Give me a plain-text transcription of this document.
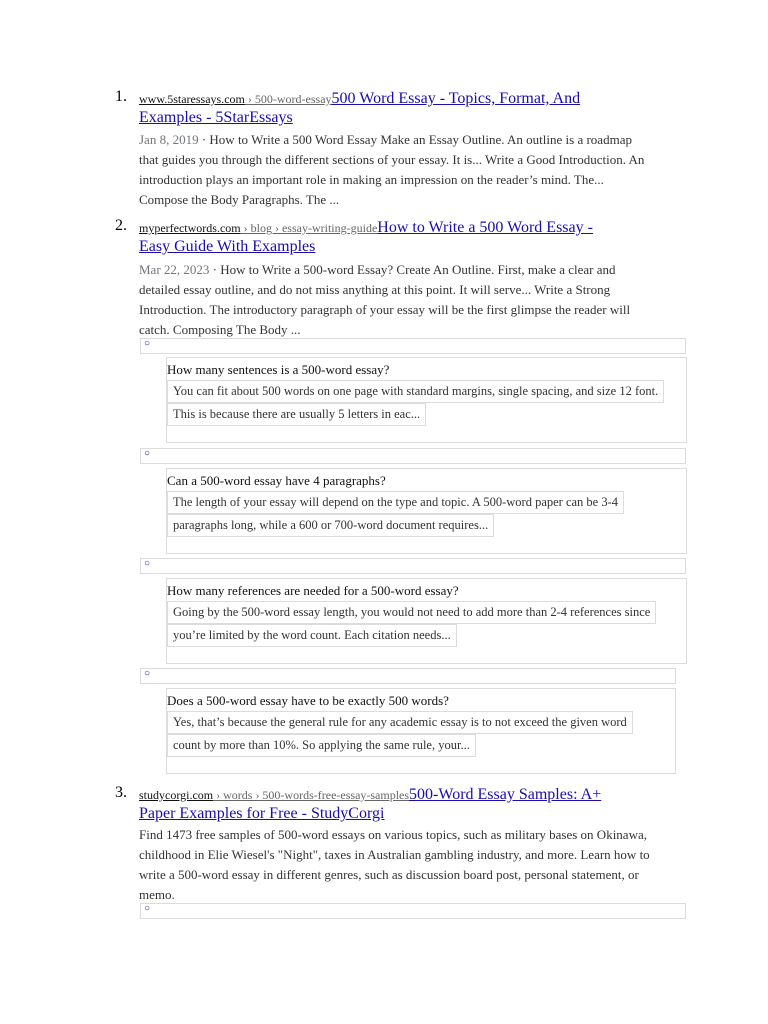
1. www.5staressays.com › 500-word-essay500 Word Essay - Topics, Format, And
Examples - 5StarEssays
Jan 8, 2019 · How to Write a 500 Word Essay Make an Essay Outline. An outline is a roadmap
that guides you through the different sections of your essay. It is... Write a Good Introduction. An
introduction plays an important role in making an impression on the reader’s mind. The...
Compose the Body Paragraphs. The ...
2. myperfectwords.com › blog › essay-writing-guideHow to Write a 500 Word Essay -
Easy Guide With Examples
Mar 22, 2023 · How to Write a 500-word Essay? Create An Outline. First, make a clear and
detailed essay outline, and do not miss anything at this point. It will serve... Write a Strong
Introduction. The introductory paragraph of your essay will be the first glimpse the reader will
catch. Composing The Body ...
○
How many sentences is a 500-word essay?
You can fit about 500 words on one page with standard margins, single spacing, and size 12 font.
This is because there are usually 5 letters in eac...
○
Can a 500-word essay have 4 paragraphs?
The length of your essay will depend on the type and topic. A 500-word paper can be 3-4
paragraphs long, while a 600 or 700-word document requires...
○
How many references are needed for a 500-word essay?
Going by the 500-word essay length, you would not need to add more than 2-4 references since
you’re limited by the word count. Each citation needs...
○
Does a 500-word essay have to be exactly 500 words?
Yes, that’s because the general rule for any academic essay is to not exceed the given word
count by more than 10%. So applying the same rule, your...
3. studycorgi.com › words › 500-words-free-essay-samples500-Word Essay Samples: A+
Paper Examples for Free - StudyCorgi
Find 1473 free samples of 500-word essays on various topics, such as military bases on Okinawa,
childhood in Elie Wiesel's "Night", taxes in Australian gambling industry, and more. Learn how to
write a 500-word essay in different genres, such as discussion board post, personal statement, or
memo.
○
